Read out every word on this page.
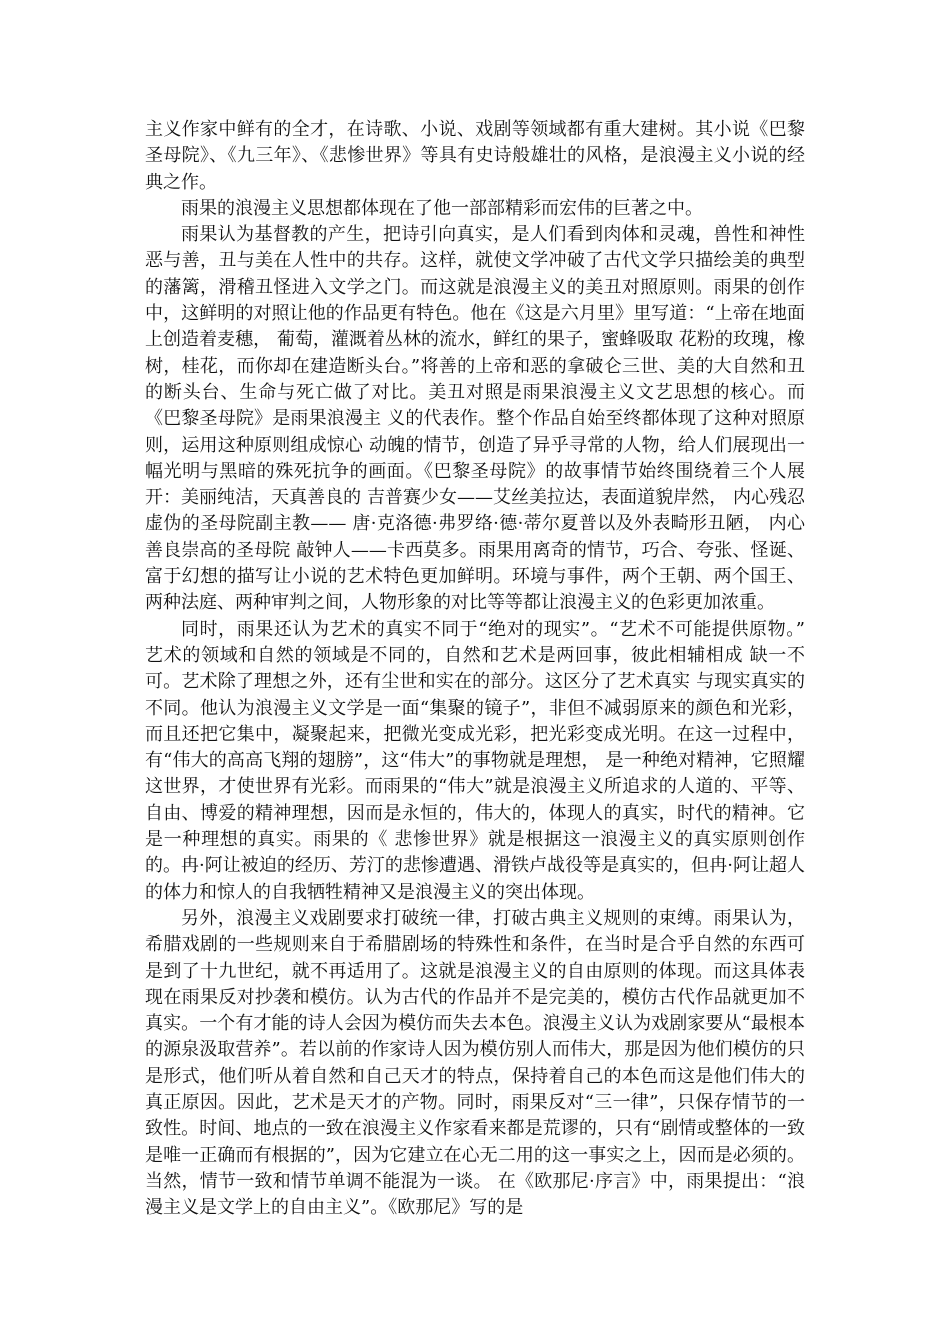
主义作家中鲜有的全才，在诗歌、小说、戏剧等领域都有重大建树。其小说《巴黎圣母院》、《九三年》、《悲惨世界》等具有史诗般雄壮的风格，是浪漫主义小说的经典之作。

雨果的浪漫主义思想都体现在了他一部部精彩而宏伟的巨著之中。

雨果认为基督教的产生，把诗引向真实，是人们看到肉体和灵魂，兽性和神性恶与善，丑与美在人性中的共存。这样，就使文学冲破了古代文学只描绘美的典型的藩篱，滑稽丑怪进入文学之门。而这就是浪漫主义的美丑对照原则。雨果的创作中，这鲜明的对照让他的作品更有特色。他在《这是六月里》里写道：“上帝在地面上创造着麦穗， 葡萄，灌溉着丛林的流水，鲜红的果子，蜜蜂吸取 花粉的玫瑰，橡树，桂花，而你却在建造断头台。”将善的上帝和恶的拿破仑三世、美的大自然和丑的断头台、生命与死亡做了对比。美丑对照是雨果浪漫主义文艺思想的核心。而《巴黎圣母院》是雨果浪漫主 义的代表作。整个作品自始至终都体现了这种对照原则，运用这种原则组成惊心 动魄的情节，创造了异乎寻常的人物，给人们展现出一幅光明与黑暗的殊死抗争的画面。《巴黎圣母院》的故事情节始终围绕着三个人展开：美丽纯洁，天真善良的 吉普赛少女——艾丝美拉达，表面道貌岸然， 内心残忍虚伪的圣母院副主教—— 唐·克洛德·弗罗络·德·蒂尔夏普以及外表畸形丑陋， 内心善良崇高的圣母院 敲钟人——卡西莫多。雨果用离奇的情节，巧合、夸张、怪诞、富于幻想的描写让小说的艺术特色更加鲜明。环境与事件，两个王朝、两个国王、两种法庭、两种审判之间，人物形象的对比等等都让浪漫主义的色彩更加浓重。

同时，雨果还认为艺术的真实不同于“绝对的现实”。“艺术不可能提供原物。” 艺术的领域和自然的领域是不同的，自然和艺术是两回事，彼此相辅相成 缺一不可。艺术除了理想之外，还有尘世和实在的部分。这区分了艺术真实 与现实真实的不同。他认为浪漫主义文学是一面“集聚的镜子”，非但不减弱原来的颜色和光彩， 而且还把它集中，凝聚起来，把微光变成光彩，把光彩变成光明。在这一过程中，有“伟大的高高飞翔的翅膀”，这“伟大”的事物就是理想， 是一种绝对精神，它照耀这世界，才使世界有光彩。而雨果的“伟大”就是浪漫主义所追求的人道的、平等、自由、博爱的精神理想，因而是永恒的，伟大的，体现人的真实，时代的精神。它是一种理想的真实。雨果的《 悲惨世界》就是根据这一浪漫主义的真实原则创作的。冉·阿让被迫的经历、芳汀的悲惨遭遇、滑铁卢战役等是真实的，但冉·阿让超人的体力和惊人的自我牺牲精神又是浪漫主义的突出体现。

另外，浪漫主义戏剧要求打破统一律，打破古典主义规则的束缚。雨果认为，希腊戏剧的一些规则来自于希腊剧场的特殊性和条件，在当时是合乎自然的东西可是到了十九世纪，就不再适用了。这就是浪漫主义的自由原则的体现。而这具体表现在雨果反对抄袭和模仿。认为古代的作品并不是完美的，模仿古代作品就更加不真实。一个有才能的诗人会因为模仿而失去本色。浪漫主义认为戏剧家要从“最根本的源泉汲取营养”。若以前的作家诗人因为模仿别人而伟大，那是因为他们模仿的只是形式，他们听从着自然和自己天才的特点，保持着自己的本色而这是他们伟大的真正原因。因此，艺术是天才的产物。同时，雨果反对“三一律”，只保存情节的一致性。时间、地点的一致在浪漫主义作家看来都是荒谬的，只有“剧情或整体的一致是唯一正确而有根据的”，因为它建立在心无二用的这一事实之上，因而是必须的。当然，情节一致和情节单调不能混为一谈。 在《欧那尼·序言》中，雨果提出：“浪漫主义是文学上的自由主义”。《欧那尼》写的是
